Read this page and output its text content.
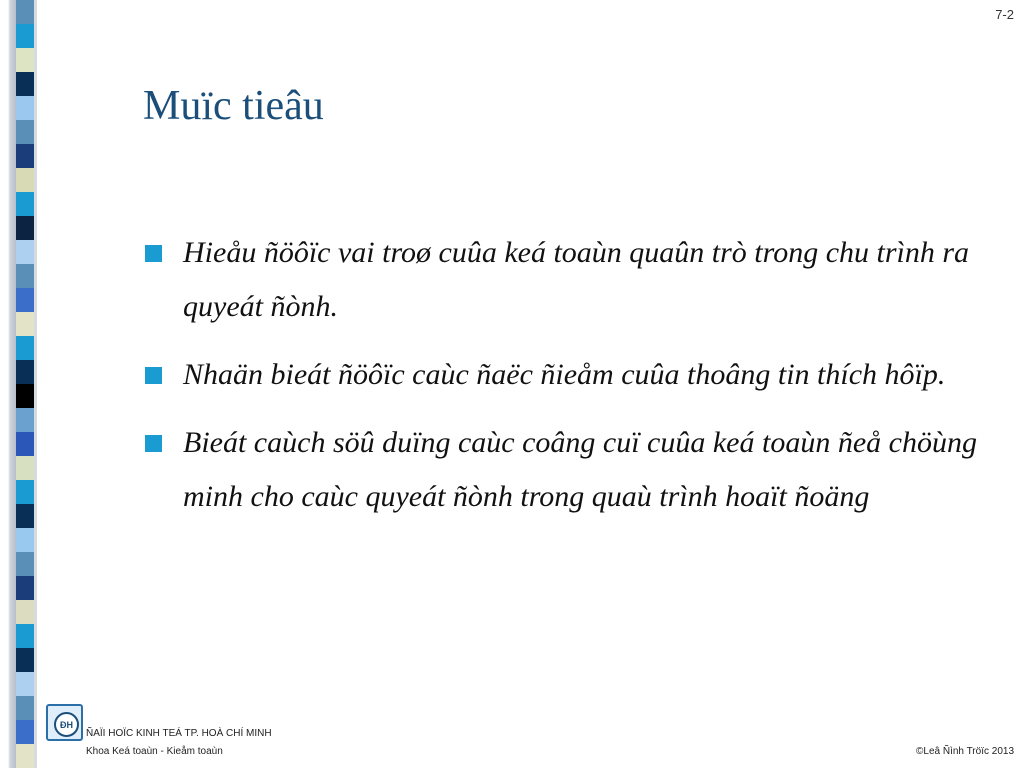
7-2
Muïc tieâu
Hieåu ñöôïc vai troø cuûa keá toaùn quaûn trò trong chu trình ra quyeát ñònh.
Nhaän bieát ñöôïc caùc ñaëc ñieåm cuûa thoâng tin thích hôïp.
Bieát caùch söû duïng caùc coâng cuï cuûa keá toaùn ñeå chöùng minh cho caùc quyeát ñònh trong quaù trình hoaït ñoäng
ĐH
ÑAÏI HOÏC KINH TEÁ TP. HOÀ CHÍ MINH
Khoa Keá toaùn - Kieåm toaùn	©Leâ Ñình Tröïc 2013
